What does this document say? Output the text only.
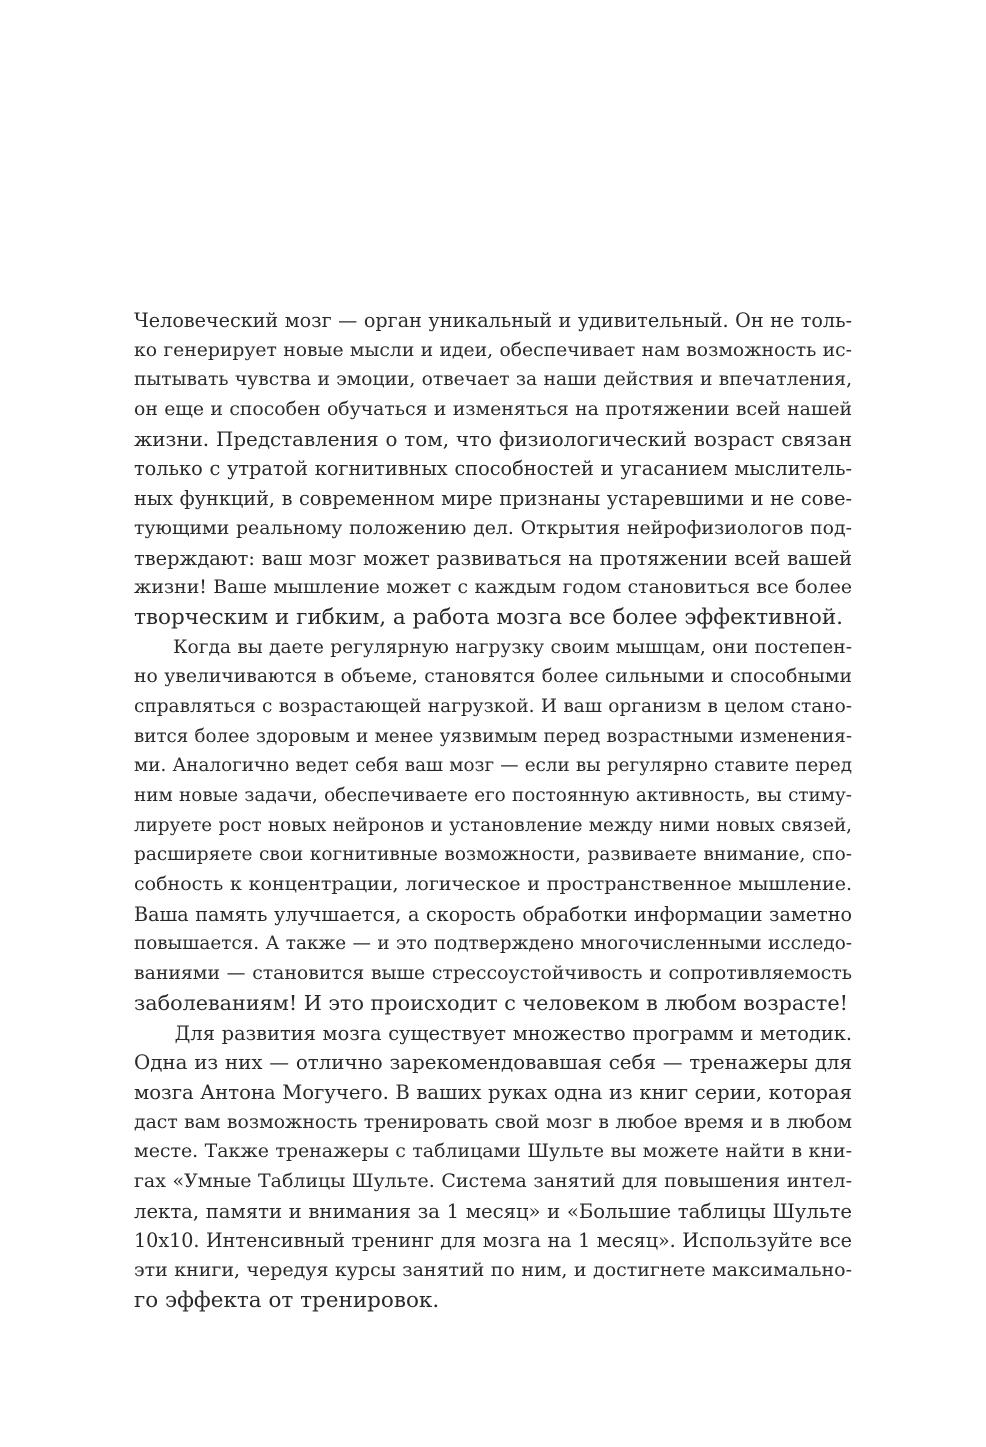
Человеческий мозг — орган уникальный и удивительный. Он не толь-
ко генерирует новые мысли и идеи, обеспечивает нам возможность ис-
пытывать чувства и эмоции, отвечает за наши действия и впечатления,
он еще и способен обучаться и изменяться на протяжении всей нашей
жизни. Представления о том, что физиологический возраст связан
только с утратой когнитивных способностей и угасанием мыслитель-
ных функций, в современном мире признаны устаревшими и не сове-
тующими реальному положению дел. Открытия нейрофизиологов под-
тверждают: ваш мозг может развиваться на протяжении всей вашей
жизни! Ваше мышление может с каждым годом становиться все более
творческим и гибким, а работа мозга все более эффективной.
Когда вы даете регулярную нагрузку своим мышцам, они постепен-
но увеличиваются в объеме, становятся более сильными и способными
справляться с возрастающей нагрузкой. И ваш организм в целом стано-
вится более здоровым и менее уязвимым перед возрастными изменения-
ми. Аналогично ведет себя ваш мозг — если вы регулярно ставите перед
ним новые задачи, обеспечиваете его постоянную активность, вы стиму-
лируете рост новых нейронов и установление между ними новых связей,
расширяете свои когнитивные возможности, развиваете внимание, спо-
собность к концентрации, логическое и пространственное мышление.
Ваша память улучшается, а скорость обработки информации заметно
повышается. А также — и это подтверждено многочисленными исследо-
ваниями — становится выше стрессоустойчивость и сопротивляемость
заболеваниям! И это происходит с человеком в любом возрасте!
Для развития мозга существует множество программ и методик.
Одна из них — отлично зарекомендовавшая себя — тренажеры для
мозга Антона Могучего. В ваших руках одна из книг серии, которая
даст вам возможность тренировать свой мозг в любое время и в любом
месте. Также тренажеры с таблицами Шульте вы можете найти в кни-
гах «Умные Таблицы Шульте. Система занятий для повышения интел-
лекта, памяти и внимания за 1 месяц» и «Большие таблицы Шульте
10х10. Интенсивный тренинг для мозга на 1 месяц». Используйте все
эти книги, чередуя курсы занятий по ним, и достигнете максимально-
го эффекта от тренировок.
